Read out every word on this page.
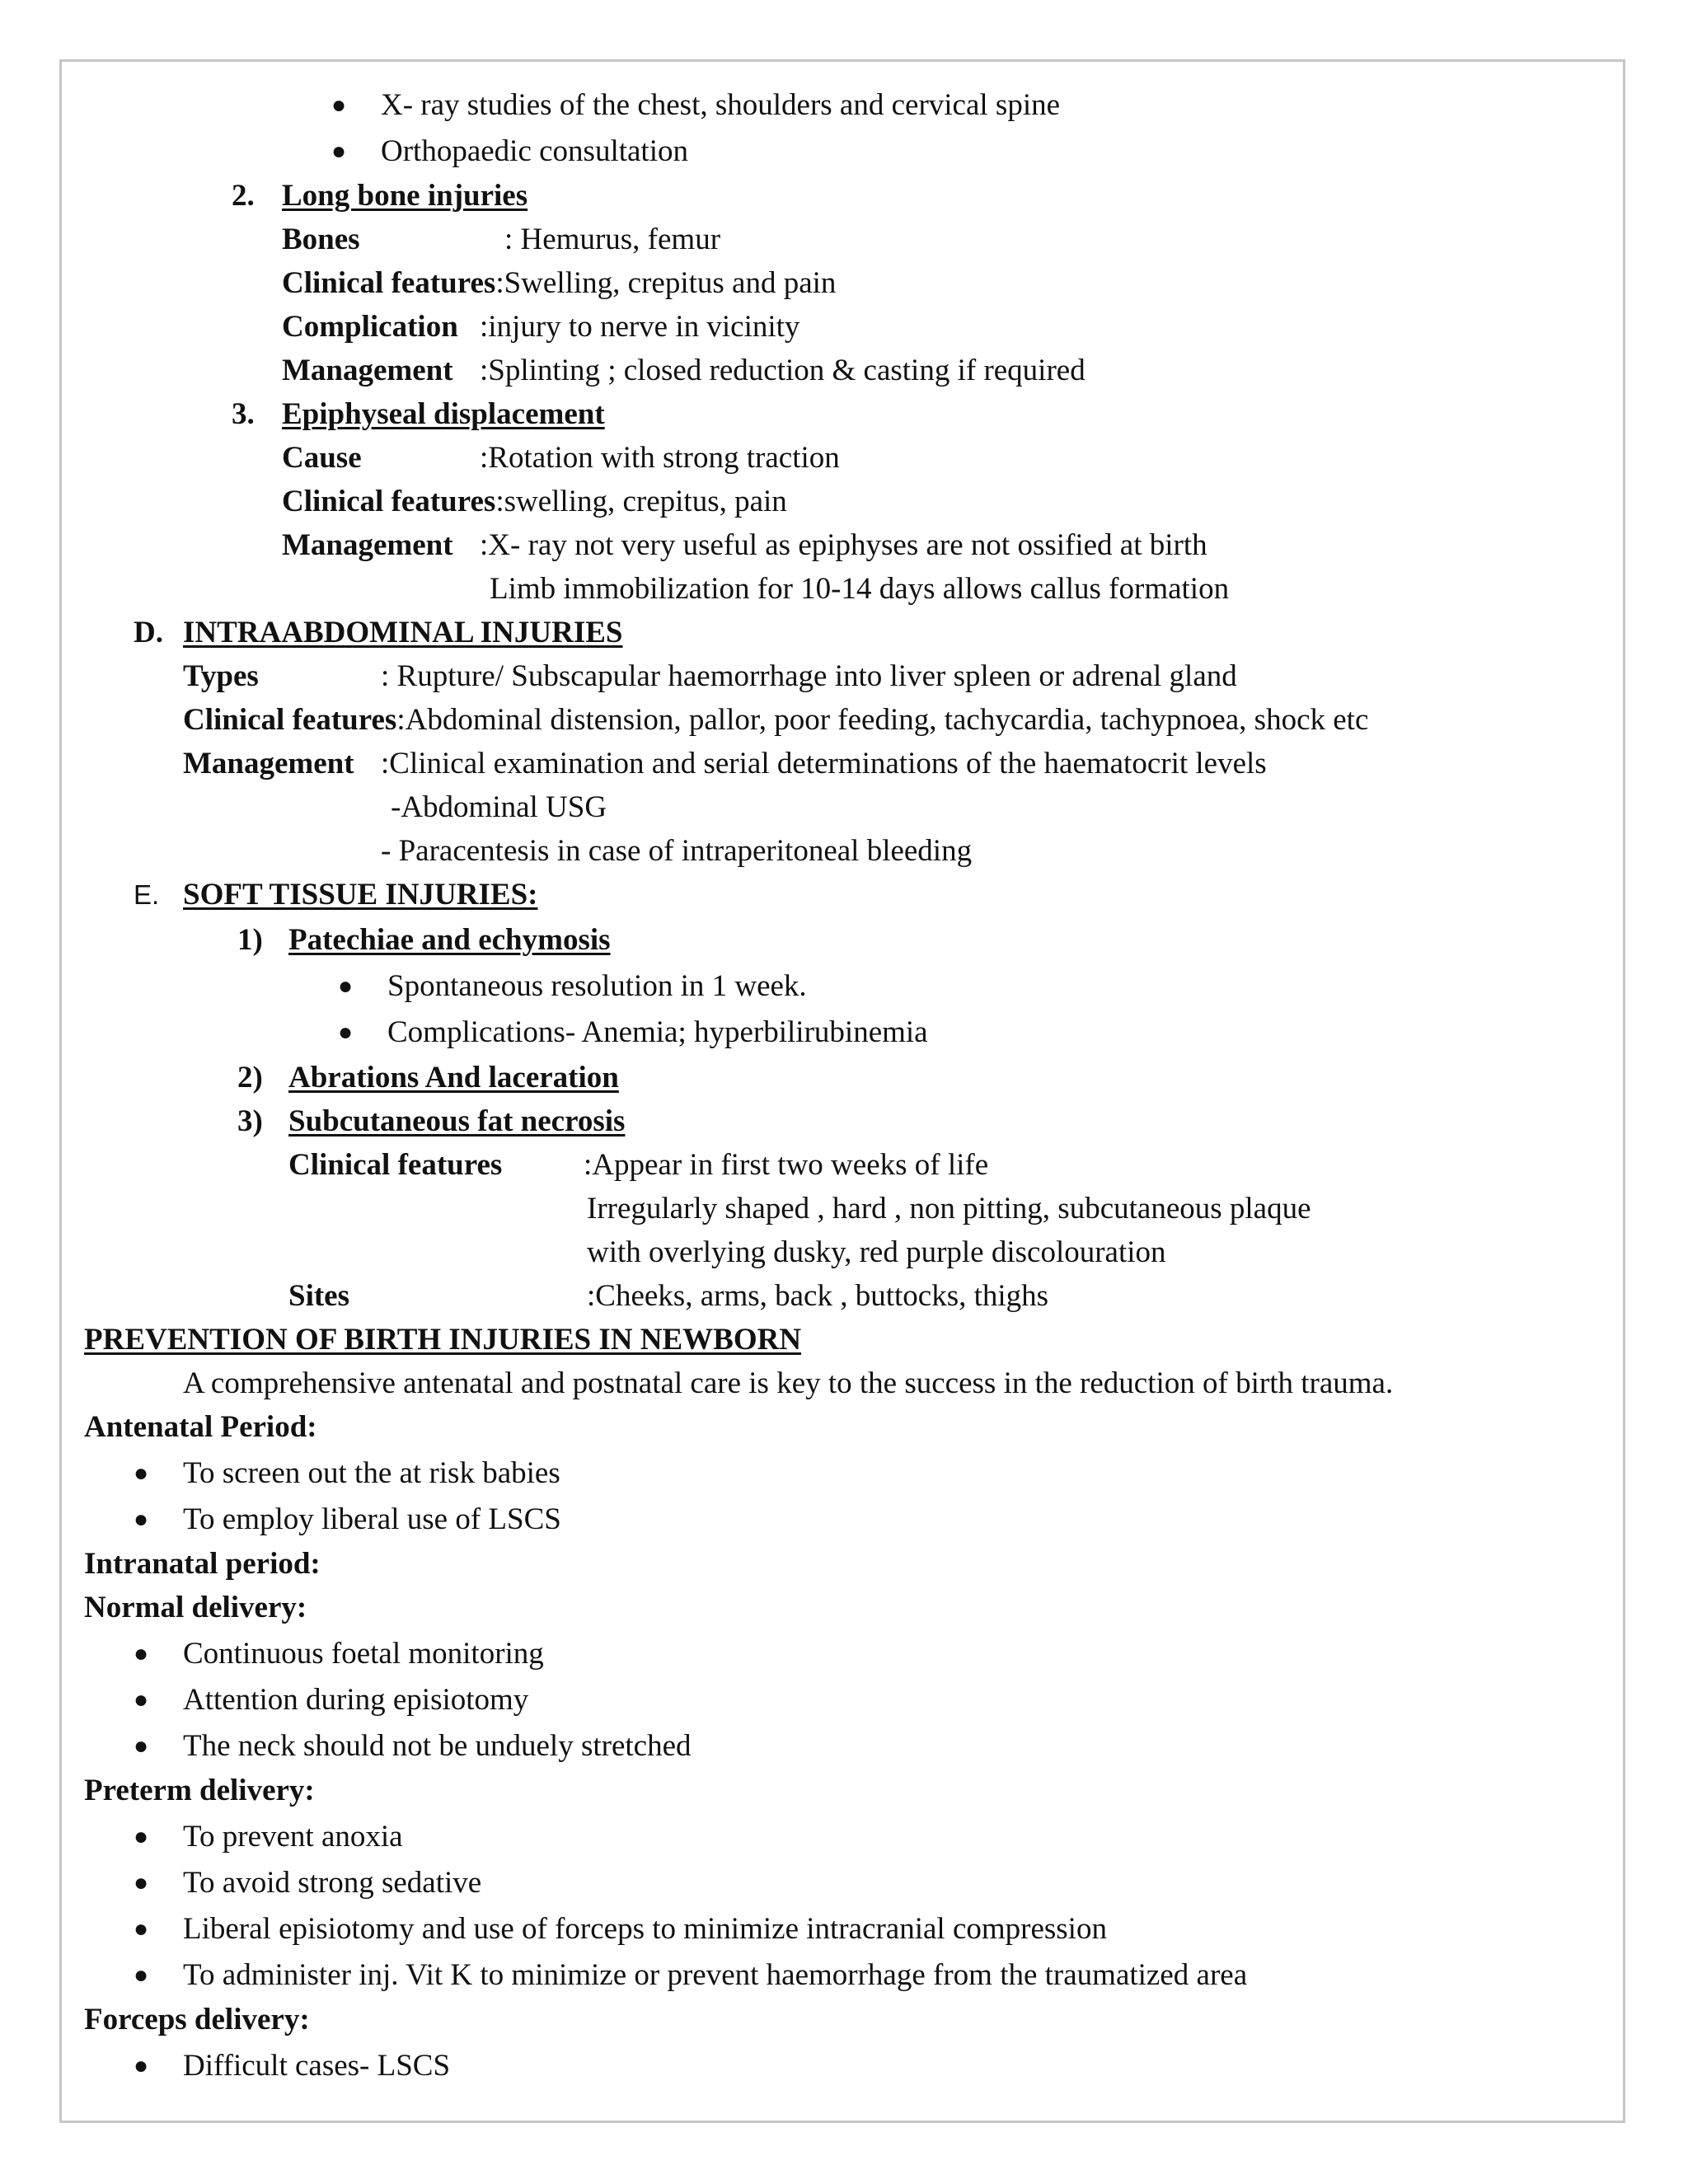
● X- ray studies of the chest, shoulders and cervical spine
● Orthopaedic consultation
2. Long bone injuries
Bones	: Hemurus, femur
Clinical features:Swelling, crepitus and pain
Complication :injury to nerve in vicinity
Management :Splinting ; closed reduction & casting if required
3. Epiphyseal displacement
Cause	:Rotation with strong traction
Clinical features:swelling, crepitus, pain
Management :X- ray not very useful as epiphyses are not ossified at birth
Limb immobilization for 10-14 days allows callus formation
D. INTRAABDOMINAL INJURIES
Types	: Rupture/ Subscapular haemorrhage into liver spleen or adrenal gland
Clinical features:Abdominal distension, pallor, poor feeding, tachycardia, tachypnoea, shock etc
Management :Clinical examination and serial determinations of the haematocrit levels
-Abdominal USG
- Paracentesis in case of intraperitoneal bleeding
E. SOFT TISSUE INJURIES:
1) Patechiae and echymosis
● Spontaneous resolution in 1 week.
● Complications- Anemia; hyperbilirubinemia
2) Abrations And laceration
3) Subcutaneous fat necrosis
Clinical features	:Appear in first two weeks of life
Irregularly shaped , hard , non pitting, subcutaneous plaque
with overlying dusky, red purple discolouration
Sites	:Cheeks, arms, back , buttocks, thighs
PREVENTION OF BIRTH INJURIES IN NEWBORN
A comprehensive antenatal and postnatal care is key to the success in the reduction of birth trauma.
Antenatal Period:
● To screen out the at risk babies
● To employ liberal use of LSCS
Intranatal period:
Normal delivery:
● Continuous foetal monitoring
● Attention during episiotomy
● The neck should not be unduely stretched
Preterm delivery:
● To prevent anoxia
● To avoid strong sedative
● Liberal episiotomy and use of forceps to minimize intracranial compression
● To administer inj. Vit K to minimize or prevent haemorrhage from the traumatized area
Forceps delivery:
● Difficult cases- LSCS
